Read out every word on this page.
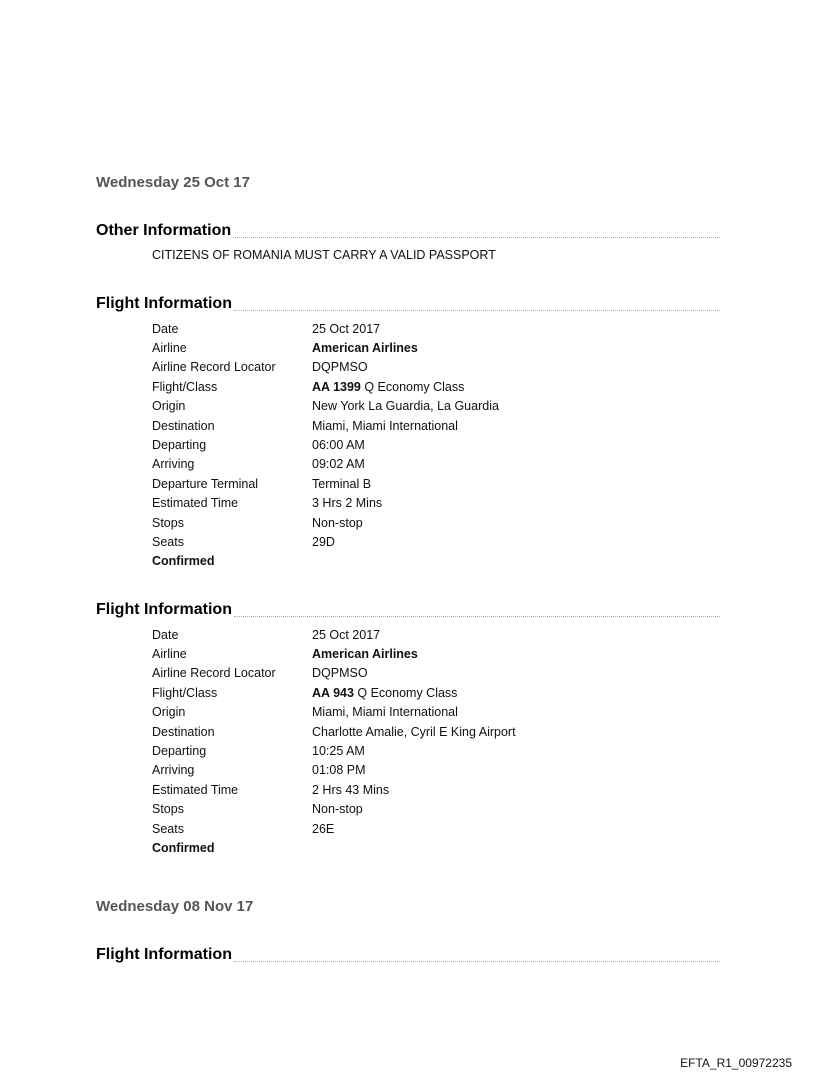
Wednesday 25 Oct 17
Other Information
CITIZENS OF ROMANIA MUST CARRY A VALID PASSPORT
Flight Information
Date	25 Oct 2017
Airline	American Airlines
Airline Record Locator	DQPMSO
Flight/Class	AA 1399 Q Economy Class
Origin	New York La Guardia, La Guardia
Destination	Miami, Miami International
Departing	06:00 AM
Arriving	09:02 AM
Departure Terminal	Terminal B
Estimated Time	3 Hrs 2 Mins
Stops	Non-stop
Seats	29D
Confirmed
Flight Information
Date	25 Oct 2017
Airline	American Airlines
Airline Record Locator	DQPMSO
Flight/Class	AA 943 Q Economy Class
Origin	Miami, Miami International
Destination	Charlotte Amalie, Cyril E King Airport
Departing	10:25 AM
Arriving	01:08 PM
Estimated Time	2 Hrs 43 Mins
Stops	Non-stop
Seats	26E
Confirmed
Wednesday 08 Nov 17
Flight Information
EFTA_R1_00972235
